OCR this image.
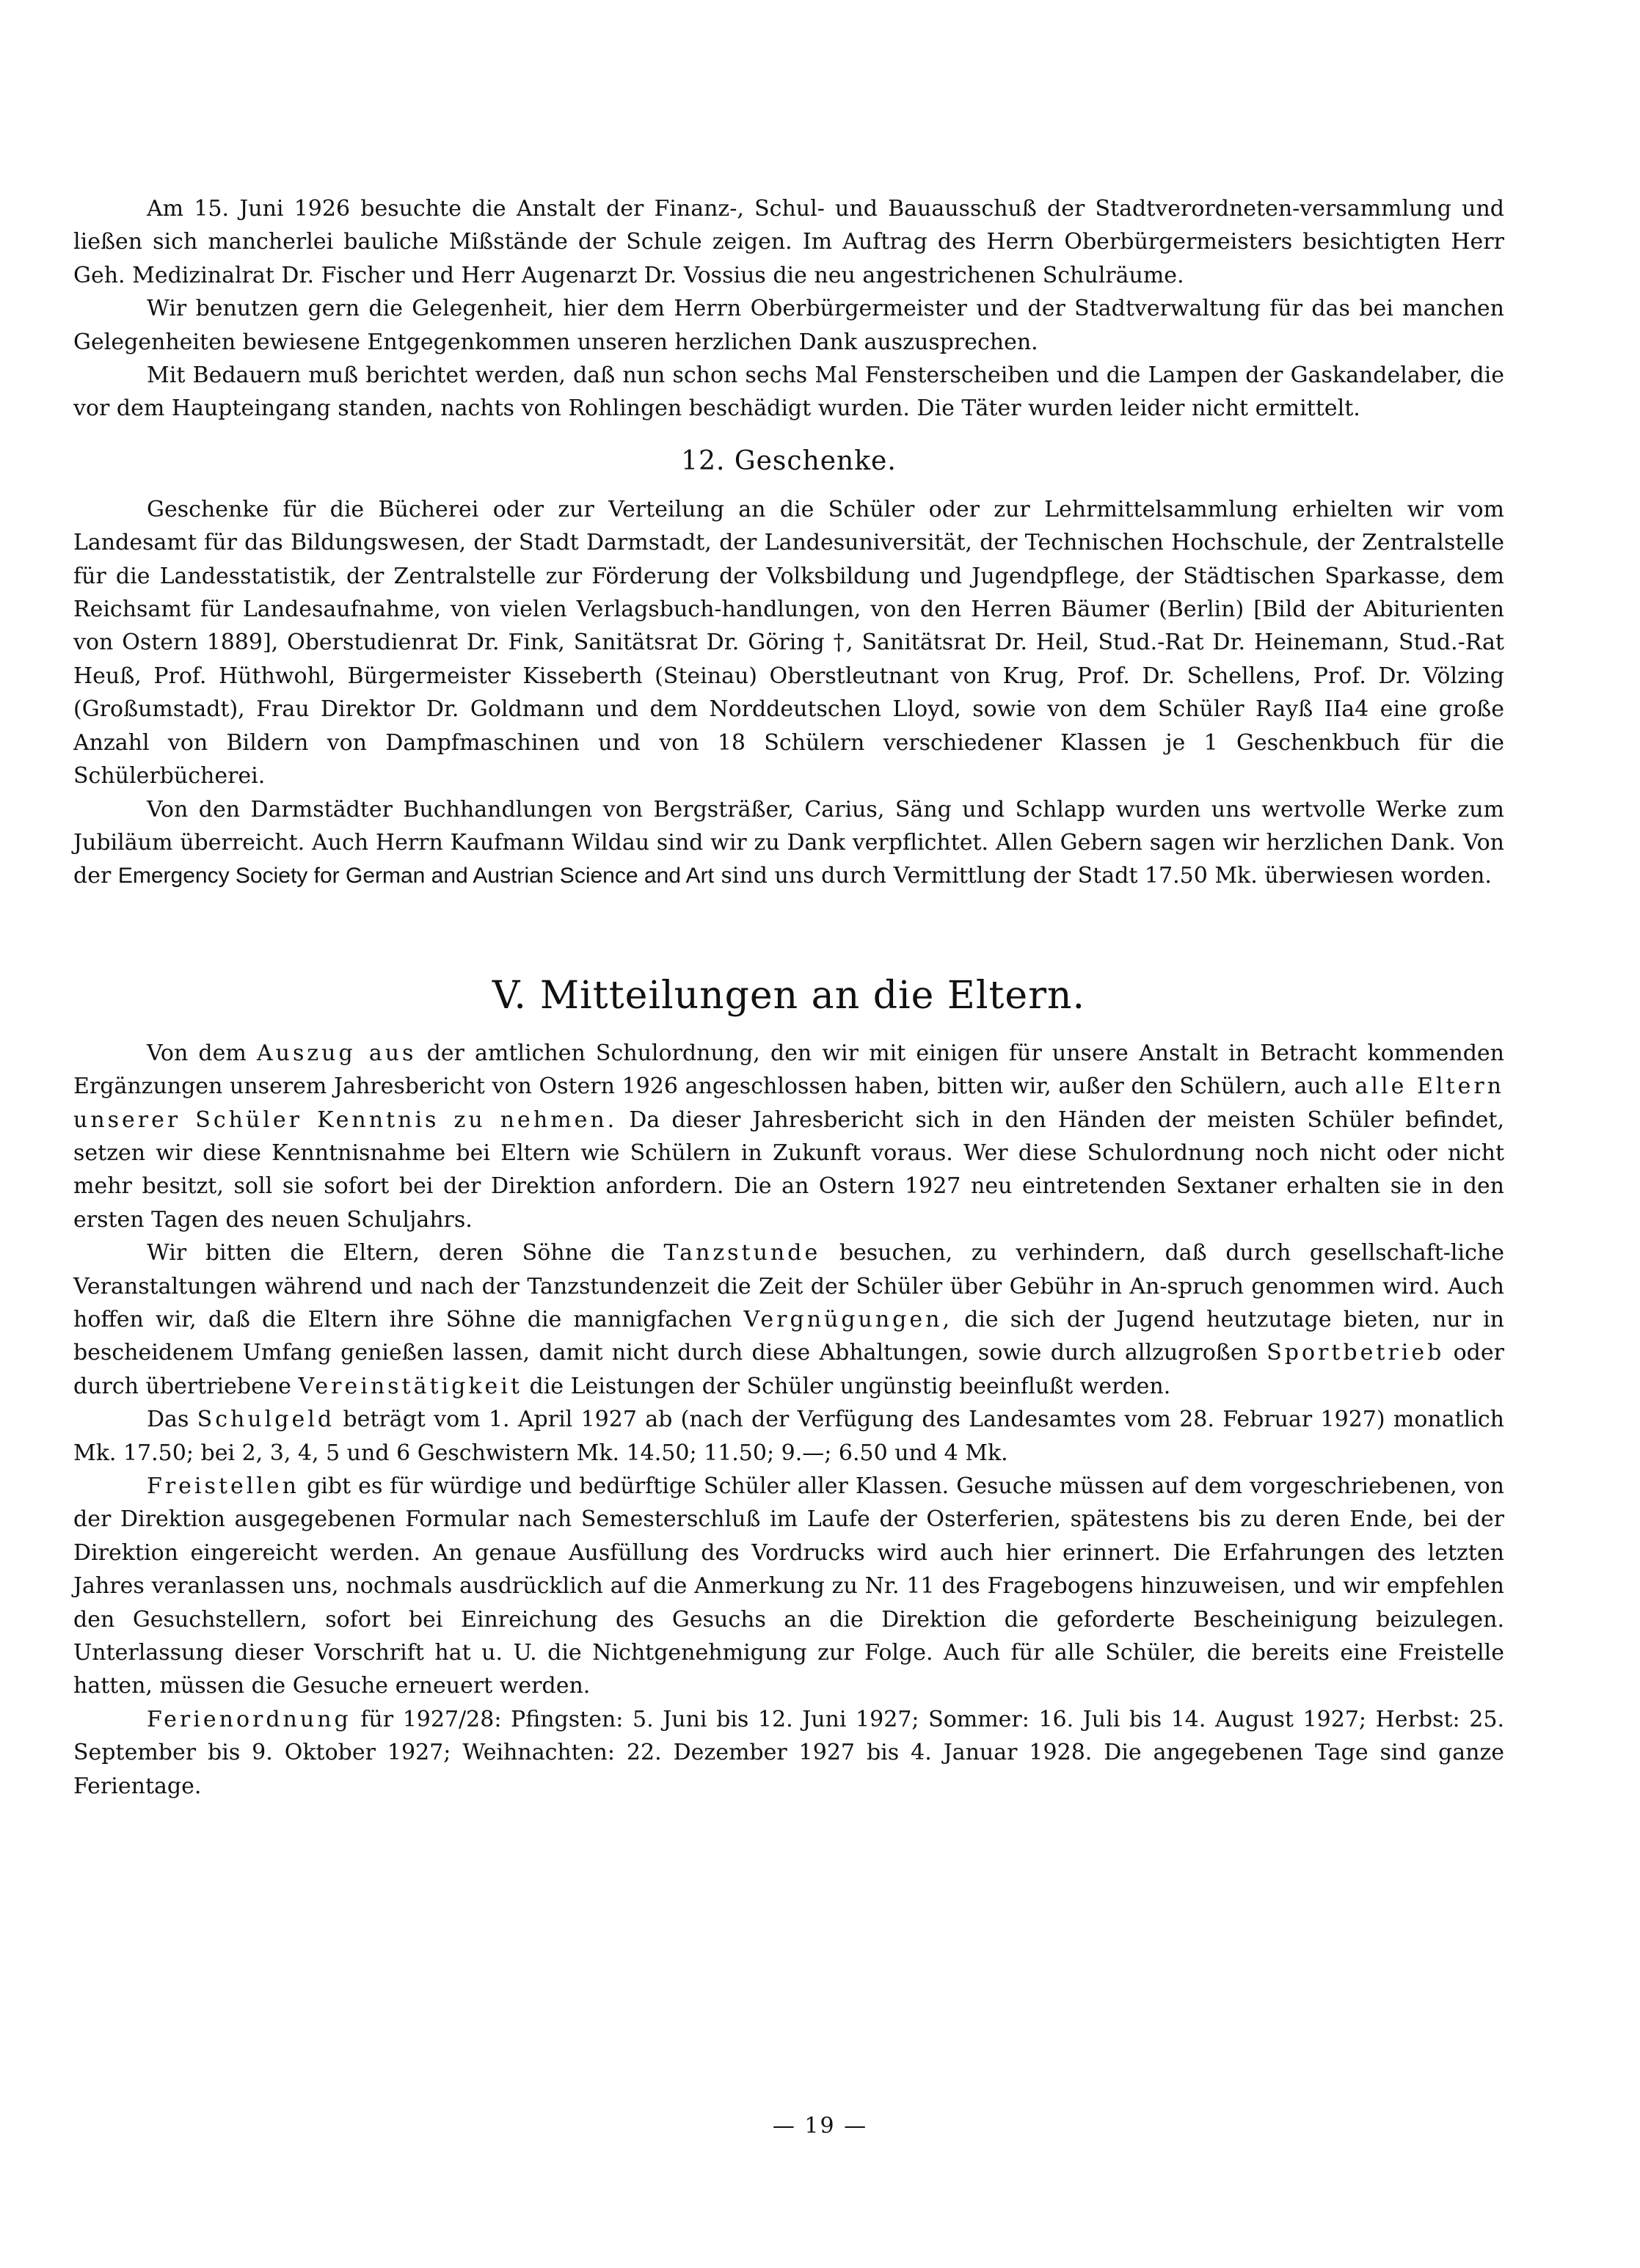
Am 15. Juni 1926 besuchte die Anstalt der Finanz-, Schul- und Bauausschuß der Stadtverordneten-versammlung und ließen sich mancherlei bauliche Mißstände der Schule zeigen. Im Auftrag des Herrn Oberbürgermeisters besichtigten Herr Geh. Medizinalrat Dr. Fischer und Herr Augenarzt Dr. Vossius die neu angestrichenen Schulräume.

Wir benutzen gern die Gelegenheit, hier dem Herrn Oberbürgermeister und der Stadtverwaltung für das bei manchen Gelegenheiten bewiesene Entgegenkommen unseren herzlichen Dank auszusprechen.

Mit Bedauern muß berichtet werden, daß nun schon sechs Mal Fensterscheiben und die Lampen der Gaskandelaber, die vor dem Haupteingang standen, nachts von Rohlingen beschädigt wurden. Die Täter wurden leider nicht ermittelt.

12. Geschenke.

Geschenke für die Bücherei oder zur Verteilung an die Schüler oder zur Lehrmittelsammlung erhielten wir vom Landesamt für das Bildungswesen, der Stadt Darmstadt, der Landesuniversität, der Technischen Hochschule, der Zentralstelle für die Landesstatistik, der Zentralstelle zur Förderung der Volksbildung und Jugendpflege, der Städtischen Sparkasse, dem Reichsamt für Landesaufnahme, von vielen Verlagsbuch-handlungen, von den Herren Bäumer (Berlin) [Bild der Abiturienten von Ostern 1889], Oberstudienrat Dr. Fink, Sanitätsrat Dr. Göring †, Sanitätsrat Dr. Heil, Stud.-Rat Dr. Heinemann, Stud.-Rat Heuß, Prof. Hüthwohl, Bürgermeister Kisseberth (Steinau) Oberstleutnant von Krug, Prof. Dr. Schellens, Prof. Dr. Völzing (Großumstadt), Frau Direktor Dr. Goldmann und dem Norddeutschen Lloyd, sowie von dem Schüler Rayß IIa4 eine große Anzahl von Bildern von Dampfmaschinen und von 18 Schülern verschiedener Klassen je 1 Geschenkbuch für die Schülerbücherei.

Von den Darmstädter Buchhandlungen von Bergsträßer, Carius, Säng und Schlapp wurden uns wertvolle Werke zum Jubiläum überreicht. Auch Herrn Kaufmann Wildau sind wir zu Dank verpflichtet. Allen Gebern sagen wir herzlichen Dank. Von der Emergency Society for German and Austrian Science and Art sind uns durch Vermittlung der Stadt 17.50 Mk. überwiesen worden.

V. Mitteilungen an die Eltern.

Von dem Auszug aus der amtlichen Schulordnung, den wir mit einigen für unsere Anstalt in Betracht kommenden Ergänzungen unserem Jahresbericht von Ostern 1926 angeschlossen haben, bitten wir, außer den Schülern, auch alle Eltern unserer Schüler Kenntnis zu nehmen. Da dieser Jahresbericht sich in den Händen der meisten Schüler befindet, setzen wir diese Kenntnisnahme bei Eltern wie Schülern in Zukunft voraus. Wer diese Schulordnung noch nicht oder nicht mehr besitzt, soll sie sofort bei der Direktion anfordern. Die an Ostern 1927 neu eintretenden Sextaner erhalten sie in den ersten Tagen des neuen Schuljahrs.

Wir bitten die Eltern, deren Söhne die Tanzstunde besuchen, zu verhindern, daß durch gesellschaft-liche Veranstaltungen während und nach der Tanzstundenzeit die Zeit der Schüler über Gebühr in An-spruch genommen wird. Auch hoffen wir, daß die Eltern ihre Söhne die mannigfachen Vergnügungen, die sich der Jugend heutzutage bieten, nur in bescheidenem Umfang genießen lassen, damit nicht durch diese Abhaltungen, sowie durch allzugroßen Sportbetrieb oder durch übertriebene Vereinstätigkeit die Leistungen der Schüler ungünstig beeinflußt werden.

Das Schulgeld beträgt vom 1. April 1927 ab (nach der Verfügung des Landesamtes vom 28. Februar 1927) monatlich Mk. 17.50; bei 2, 3, 4, 5 und 6 Geschwistern Mk. 14.50; 11.50; 9.—; 6.50 und 4 Mk.

Freistellen gibt es für würdige und bedürftige Schüler aller Klassen. Gesuche müssen auf dem vorgeschriebenen, von der Direktion ausgegebenen Formular nach Semesterschluß im Laufe der Osterferien, spätestens bis zu deren Ende, bei der Direktion eingereicht werden. An genaue Ausfüllung des Vordrucks wird auch hier erinnert. Die Erfahrungen des letzten Jahres veranlassen uns, nochmals ausdrücklich auf die Anmerkung zu Nr. 11 des Fragebogens hinzuweisen, und wir empfehlen den Gesuchstellern, sofort bei Einreichung des Gesuchs an die Direktion die geforderte Bescheinigung beizulegen. Unterlassung dieser Vorschrift hat u. U. die Nichtgenehmigung zur Folge. Auch für alle Schüler, die bereits eine Freistelle hatten, müssen die Gesuche erneuert werden.

Ferienordnung für 1927/28: Pfingsten: 5. Juni bis 12. Juni 1927; Sommer: 16. Juli bis 14. August 1927; Herbst: 25. September bis 9. Oktober 1927; Weihnachten: 22. Dezember 1927 bis 4. Januar 1928. Die angegebenen Tage sind ganze Ferientage.

— 19 —
